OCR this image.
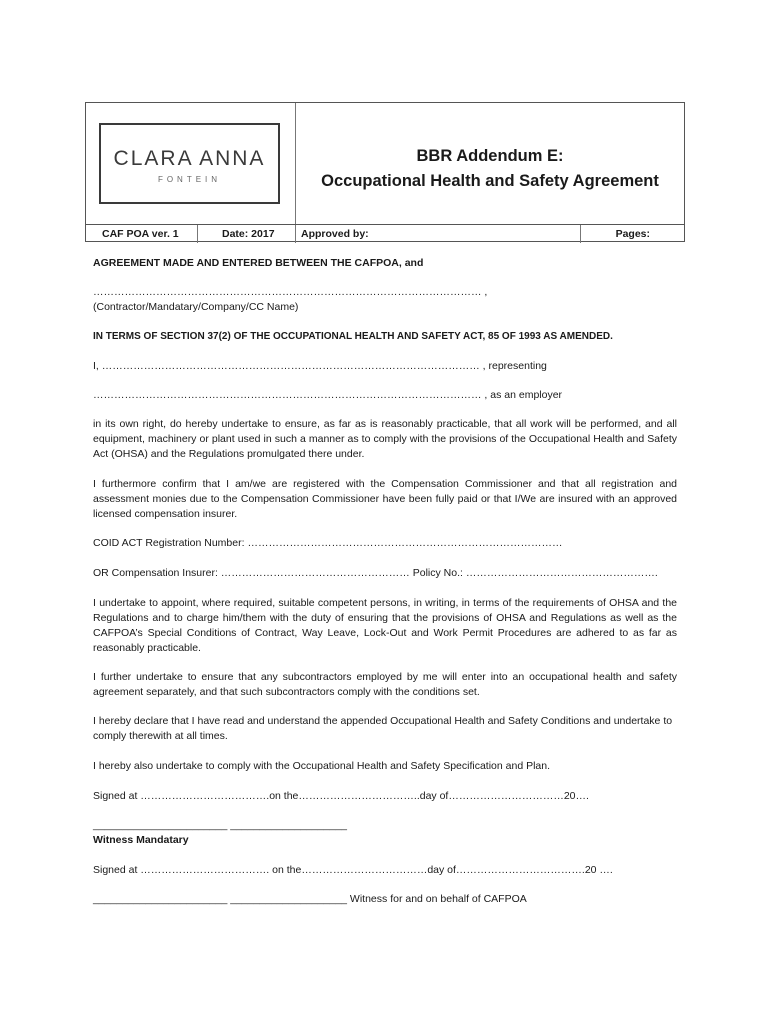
CLARA ANNA
FONTEIN
BBR Addendum E:
Occupational Health and Safety Agreement
CAF POA ver. 1	Date: 2017	Approved by:	Pages:

AGREEMENT MADE AND ENTERED BETWEEN THE CAFPOA, and

………………………………………………………………………………………………… ,

(Contractor/Mandatary/Company/CC Name)

IN TERMS OF SECTION 37(2) OF THE OCCUPATIONAL HEALTH AND SAFETY ACT, 85 OF 1993 AS AMENDED.

I, ……………………………………………………………………………………………… , representing

………………………………………………………………………………………………… , as an employer

in its own right, do hereby undertake to ensure, as far as is reasonably practicable, that all work will be performed, and all equipment, machinery or plant used in such a manner as to comply with the provisions of the Occupational Health and Safety Act (OHSA) and the Regulations promulgated there under.

I furthermore confirm that I am/we are registered with the Compensation Commissioner and that all registration and assessment monies due to the Compensation Commissioner have been fully paid or that I/We are insured with an approved licensed compensation insurer.

COID ACT Registration Number: ………………………………………………………………………………

OR Compensation Insurer: ……………………………………………… Policy No.: ……………………………………………….

I undertake to appoint, where required, suitable competent persons, in writing, in terms of the requirements of OHSA and the Regulations and to charge him/them with the duty of ensuring that the provisions of OHSA and Regulations as well as the CAFPOA’s Special Conditions of Contract, Way Leave, Lock-Out and Work Permit Procedures are adhered to as far as reasonably practicable.

I further undertake to ensure that any subcontractors employed by me will enter into an occupational health and safety agreement separately, and that such subcontractors comply with the conditions set.

I hereby declare that I have read and understand the appended Occupational Health and Safety Conditions and undertake to comply therewith at all times.

I hereby also undertake to comply with the Occupational Health and Safety Specification and Plan.

Signed at ……………………………….on the……………………………..day of……………………………20….

_______________________ ____________________

Witness Mandatary

Signed at ………………………………. on the………………………………day of……………………………….20 ….

_______________________ ____________________ Witness for and on behalf of CAFPOA
